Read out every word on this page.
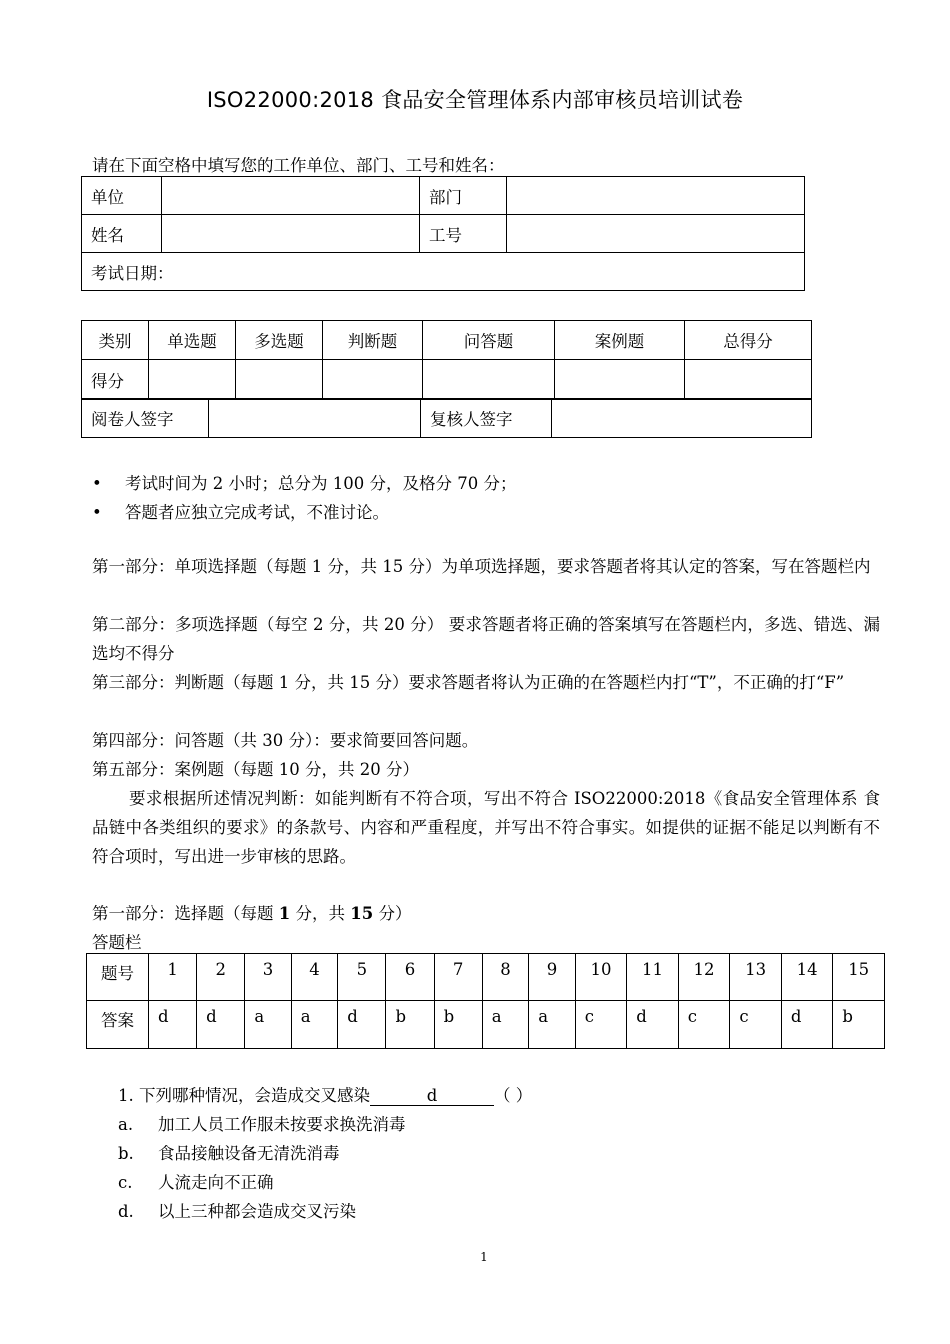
ISO22000:2018 食品安全管理体系内部审核员培训试卷
请在下面空格中填写您的工作单位、部门、工号和姓名：
单位		部门	
姓名		工号	
考试日期：			
类别	单选题	多选题	判断题	问答题	案例题	总得分
得分						
阅卷人签字		复核人签字	
• 考试时间为 2 小时；总分为 100 分，及格分 70 分；
• 答题者应独立完成考试，不准讨论。
第一部分：单项选择题（每题 1 分，共 15 分）为单项选择题，要求答题者将其认定的答案，写在答题栏内
第二部分：多项选择题（每空 2 分，共 20 分） 要求答题者将正确的答案填写在答题栏内，多选、错选、漏选均不得分
第三部分：判断题（每题 1 分，共 15 分）要求答题者将认为正确的在答题栏内打“T”，不正确的打“F”
第四部分：问答题（共 30 分）：要求简要回答问题。
第五部分：案例题（每题 10 分，共 20 分）
要求根据所述情况判断：如能判断有不符合项，写出不符合 ISO22000:2018《食品安全管理体系 食品链中各类组织的要求》的条款号、内容和严重程度，并写出不符合事实。如提供的证据不能足以判断有不符合项时，写出进一步审核的思路。
第一部分：选择题（每题 1 分，共 15 分）
答题栏
题号	1	2	3	4	5	6	7	8	9	10	11	12	13	14	15
答案	d	d	a	a	d	b	b	a	a	c	d	c	c	d	b
1. 下列哪种情况，会造成交叉感染	d	（ ）
a. 加工人员工作服未按要求换洗消毒
b. 食品接触设备无清洗消毒
c. 人流走向不正确
d. 以上三种都会造成交叉污染
1
